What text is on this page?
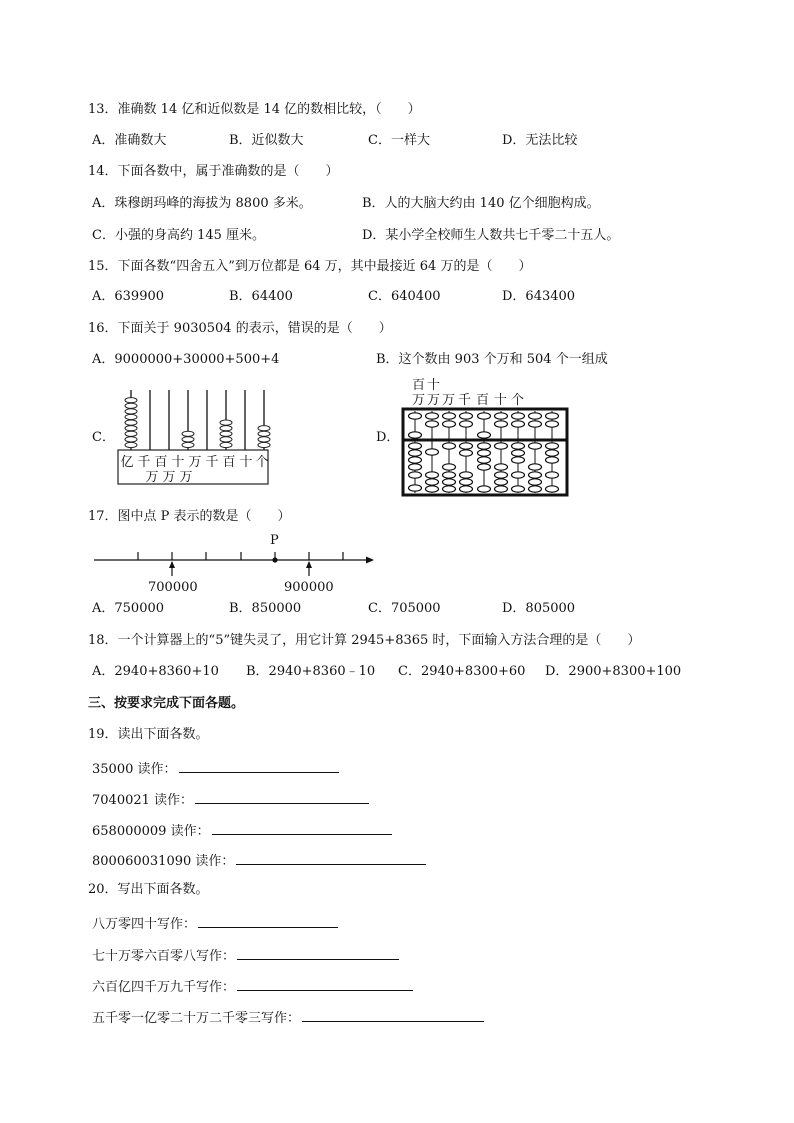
13．准确数 14 亿和近似数是 14 亿的数相比较，（　　）
A．准确数大	B．近似数大	C．一样大	D．无法比较
14．下面各数中，属于准确数的是（　　）
A．珠穆朗玛峰的海拔为 8800 多米。	B．人的大脑大约由 140 亿个细胞构成。
C．小强的身高约 145 厘米。	D．某小学全校师生人数共七千零二十五人。
15．下面各数“四舍五入”到万位都是 64 万，其中最接近 64 万的是（　　）
A．639900	B．64400	C．640400	D．643400
16．下面关于 9030504 的表示，错误的是（　　）
A．9000000+30000+500+4	B．这个数由 903 个万和 504 个一组成
C．	D．
亿 千 百 十 万 千 百 十 个
万 万 万
百 十
万 万 万 千 百 十 个
17．图中点 P 表示的数是（　　）
P
700000	900000
A．750000	B．850000	C．705000	D．805000
18．一个计算器上的“5”键失灵了，用它计算 2945+8365 时，下面输入方法合理的是（　　）
A．2940+8360+10 B．2940+8360﹣10 C．2940+8300+60 D．2900+8300+100
三、按要求完成下面各题。
19．读出下面各数。
35000 读作：
7040021 读作：
658000009 读作：
800060031090 读作：
20．写出下面各数。
八万零四十写作：
七十万零六百零八写作：
六百亿四千万九千写作：
五千零一亿零二十万二千零三写作：
